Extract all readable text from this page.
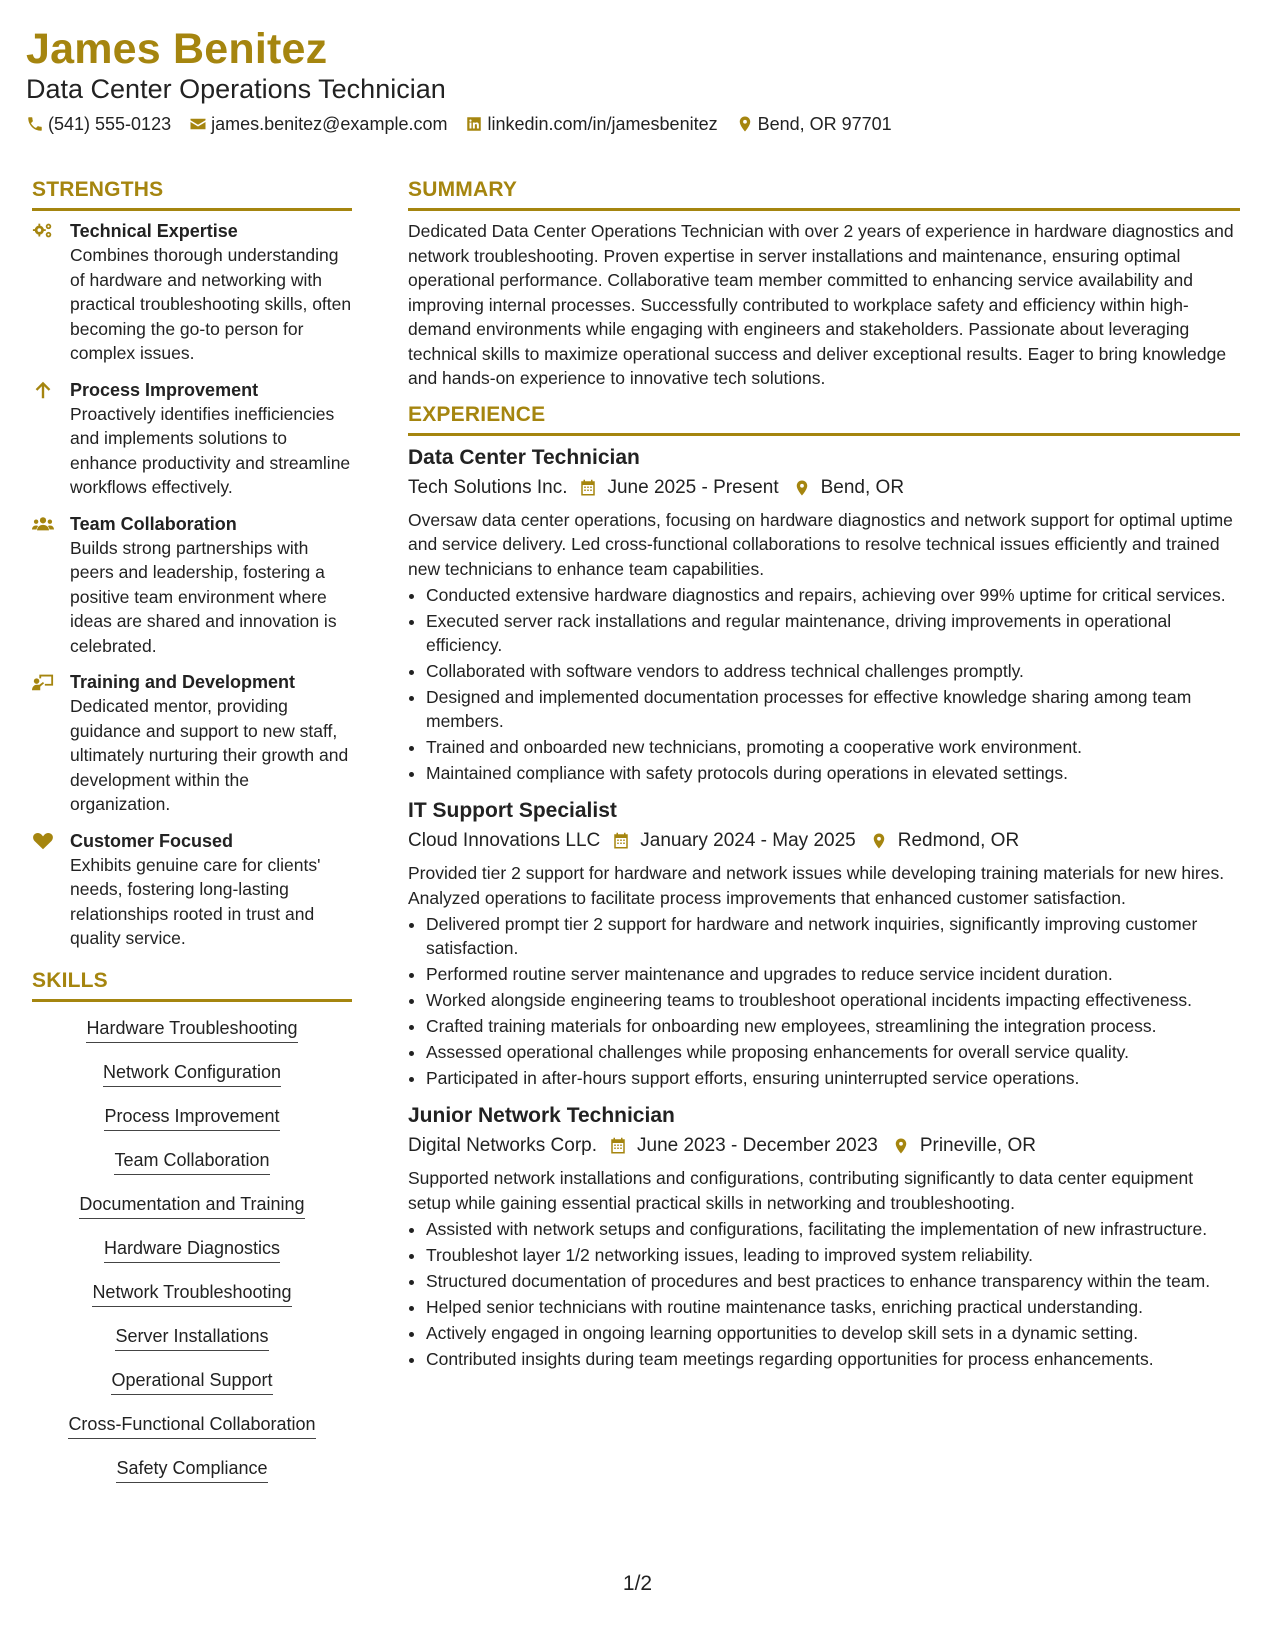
James Benitez
Data Center Operations Technician
(541) 555-0123 james.benitez@example.com linkedin.com/in/jamesbenitez Bend, OR 97701
STRENGTHS
Technical Expertise
Combines thorough understanding of hardware and networking with practical troubleshooting skills, often becoming the go-to person for complex issues.
Process Improvement
Proactively identifies inefficiencies and implements solutions to enhance productivity and streamline workflows effectively.
Team Collaboration
Builds strong partnerships with peers and leadership, fostering a positive team environment where ideas are shared and innovation is celebrated.
Training and Development
Dedicated mentor, providing guidance and support to new staff, ultimately nurturing their growth and development within the organization.
Customer Focused
Exhibits genuine care for clients' needs, fostering long-lasting relationships rooted in trust and quality service.
SKILLS
Hardware Troubleshooting
Network Configuration
Process Improvement
Team Collaboration
Documentation and Training
Hardware Diagnostics
Network Troubleshooting
Server Installations
Operational Support
Cross-Functional Collaboration
Safety Compliance
SUMMARY
Dedicated Data Center Operations Technician with over 2 years of experience in hardware diagnostics and network troubleshooting. Proven expertise in server installations and maintenance, ensuring optimal operational performance. Collaborative team member committed to enhancing service availability and improving internal processes. Successfully contributed to workplace safety and efficiency within high-demand environments while engaging with engineers and stakeholders. Passionate about leveraging technical skills to maximize operational success and deliver exceptional results. Eager to bring knowledge and hands-on experience to innovative tech solutions.
EXPERIENCE
Data Center Technician
Tech Solutions Inc. June 2025 - Present Bend, OR
Oversaw data center operations, focusing on hardware diagnostics and network support for optimal uptime and service delivery. Led cross-functional collaborations to resolve technical issues efficiently and trained new technicians to enhance team capabilities.
• Conducted extensive hardware diagnostics and repairs, achieving over 99% uptime for critical services.
• Executed server rack installations and regular maintenance, driving improvements in operational efficiency.
• Collaborated with software vendors to address technical challenges promptly.
• Designed and implemented documentation processes for effective knowledge sharing among team members.
• Trained and onboarded new technicians, promoting a cooperative work environment.
• Maintained compliance with safety protocols during operations in elevated settings.
IT Support Specialist
Cloud Innovations LLC January 2024 - May 2025 Redmond, OR
Provided tier 2 support for hardware and network issues while developing training materials for new hires. Analyzed operations to facilitate process improvements that enhanced customer satisfaction.
• Delivered prompt tier 2 support for hardware and network inquiries, significantly improving customer satisfaction.
• Performed routine server maintenance and upgrades to reduce service incident duration.
• Worked alongside engineering teams to troubleshoot operational incidents impacting effectiveness.
• Crafted training materials for onboarding new employees, streamlining the integration process.
• Assessed operational challenges while proposing enhancements for overall service quality.
• Participated in after-hours support efforts, ensuring uninterrupted service operations.
Junior Network Technician
Digital Networks Corp. June 2023 - December 2023 Prineville, OR
Supported network installations and configurations, contributing significantly to data center equipment setup while gaining essential practical skills in networking and troubleshooting.
• Assisted with network setups and configurations, facilitating the implementation of new infrastructure.
• Troubleshot layer 1/2 networking issues, leading to improved system reliability.
• Structured documentation of procedures and best practices to enhance transparency within the team.
• Helped senior technicians with routine maintenance tasks, enriching practical understanding.
• Actively engaged in ongoing learning opportunities to develop skill sets in a dynamic setting.
• Contributed insights during team meetings regarding opportunities for process enhancements.
1/2
